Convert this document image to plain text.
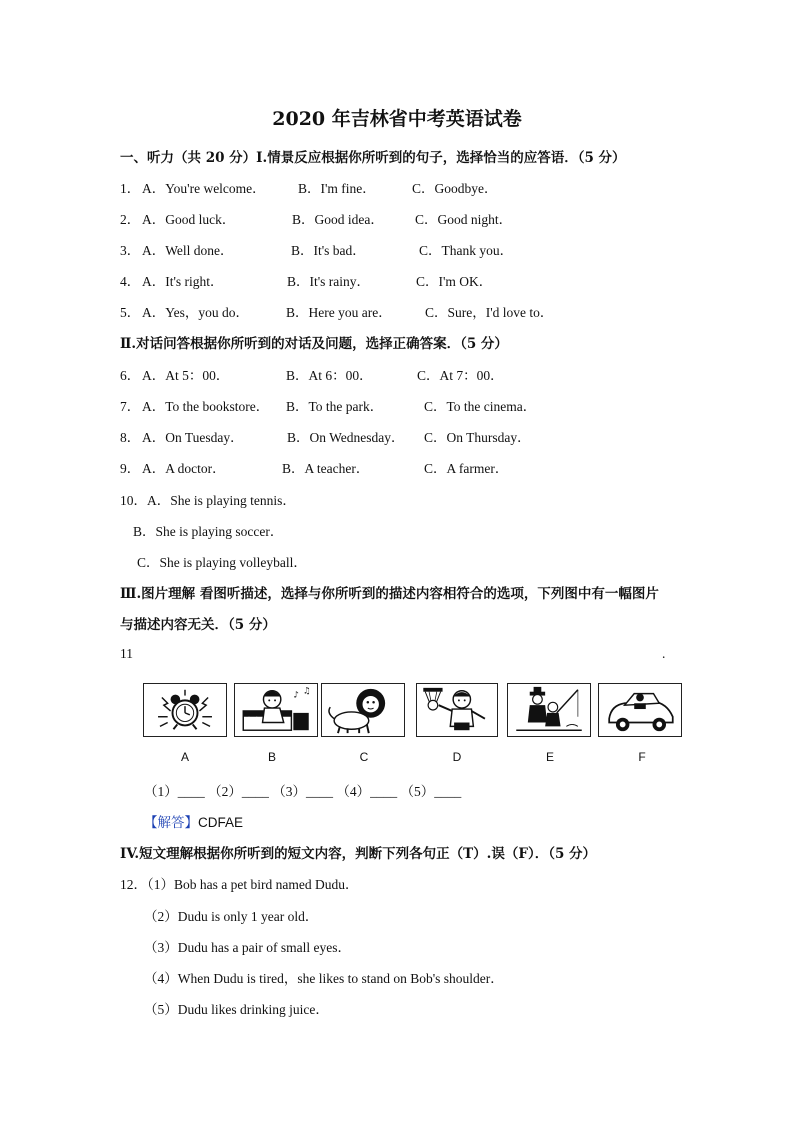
2020 年吉林省中考英语试卷
一、听力（共 20 分）I.情景反应根据你所听到的句子，选择恰当的应答语．（5 分）
1． A．You're welcome． B．I'm fine．	C．Goodbye．
2． A．Good luck．	B．Good idea． C．Good night．
3． A．Well done．	B．It's bad．	C．Thank you．
4． A．It's right．	B．It's rainy．	C．I'm OK．
5． A．Yes，you do．	B．Here you are． C．Sure，I'd love to．
Ⅱ.对话问答根据你所听到的对话及问题，选择正确答案．（5 分）
6． A．At 5：00．	B．At 6：00．	C．At 7：00．
7． A．To the bookstore． B．To the park．	C．To the cinema．
8． A．On Tuesday．	B．On Wednesday． C．On Thursday．
9． A．A doctor．	B．A teacher．	C．A farmer．
10．A．She is playing tennis．
B．She is playing soccer．
C．She is playing volleyball．
Ⅲ.图片理解 看图听描述，选择与你所听到的描述内容相符合的选项，下列图中有一幅图片
与描述内容无关．（5 分）
11	.
♪ ♫
A	B	C	D	E	F
（1）____ （2）____ （3）____ （4）____ （5）____
【解答】CDFAE
IV.短文理解根据你所听到的短文内容，判断下列各句正（T）.误（F）．（5 分）
12．（1）Bob has a pet bird named Dudu．
（2）Dudu is only 1 year old．
（3）Dudu has a pair of small eyes．
（4）When Dudu is tired，she likes to stand on Bob's shoulder．
（5）Dudu likes drinking juice．
